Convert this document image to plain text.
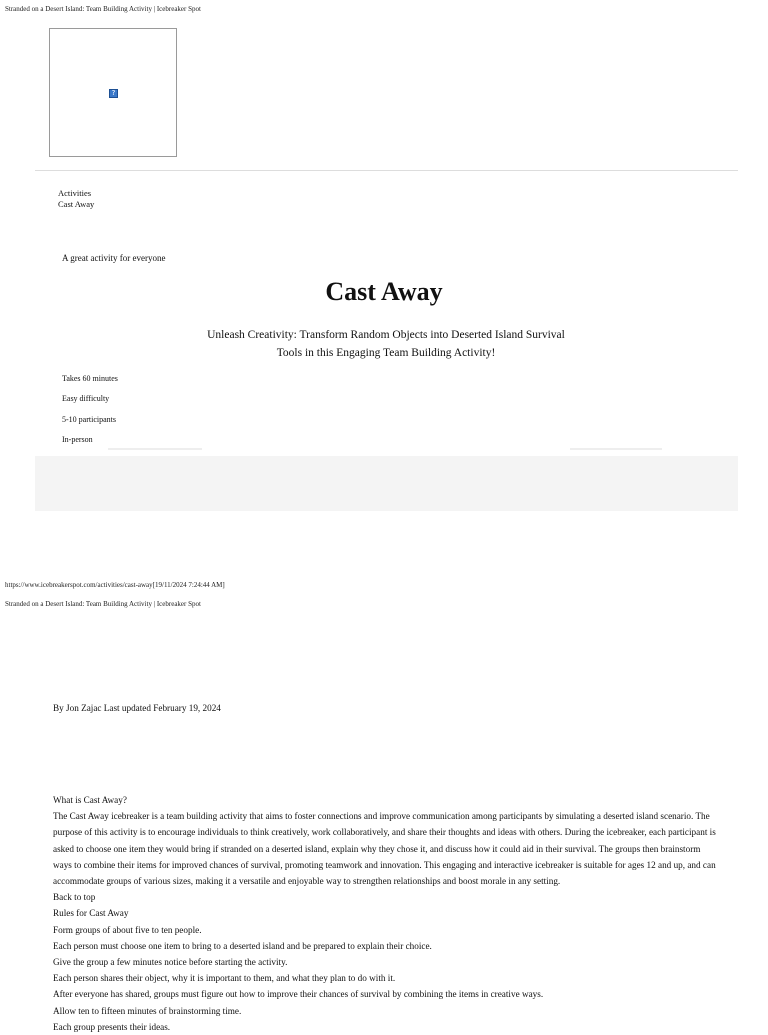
Stranded on a Desert Island: Team Building Activity | Icebreaker Spot
?
Activities
Cast Away
A great activity for everyone
Cast Away
Unleash Creativity: Transform Random Objects into Deserted Island Survival
Tools in this Engaging Team Building Activity!
Takes 60 minutes
Easy difficulty
5-10 participants
In-person
https://www.icebreakerspot.com/activities/cast-away[19/11/2024 7:24:44 AM]
Stranded on a Desert Island: Team Building Activity | Icebreaker Spot
By Jon Zajac Last updated February 19, 2024
What is Cast Away?
The Cast Away icebreaker is a team building activity that aims to foster connections and improve communication among participants by simulating a deserted island scenario. The
purpose of this activity is to encourage individuals to think creatively, work collaboratively, and share their thoughts and ideas with others. During the icebreaker, each participant is
asked to choose one item they would bring if stranded on a deserted island, explain why they chose it, and discuss how it could aid in their survival. The groups then brainstorm
ways to combine their items for improved chances of survival, promoting teamwork and innovation. This engaging and interactive icebreaker is suitable for ages 12 and up, and can
accommodate groups of various sizes, making it a versatile and enjoyable way to strengthen relationships and boost morale in any setting.
Back to top
Rules for Cast Away
Form groups of about five to ten people.
Each person must choose one item to bring to a deserted island and be prepared to explain their choice.
Give the group a few minutes notice before starting the activity.
Each person shares their object, why it is important to them, and what they plan to do with it.
After everyone has shared, groups must figure out how to improve their chances of survival by combining the items in creative ways.
Allow ten to fifteen minutes of brainstorming time.
Each group presents their ideas.
